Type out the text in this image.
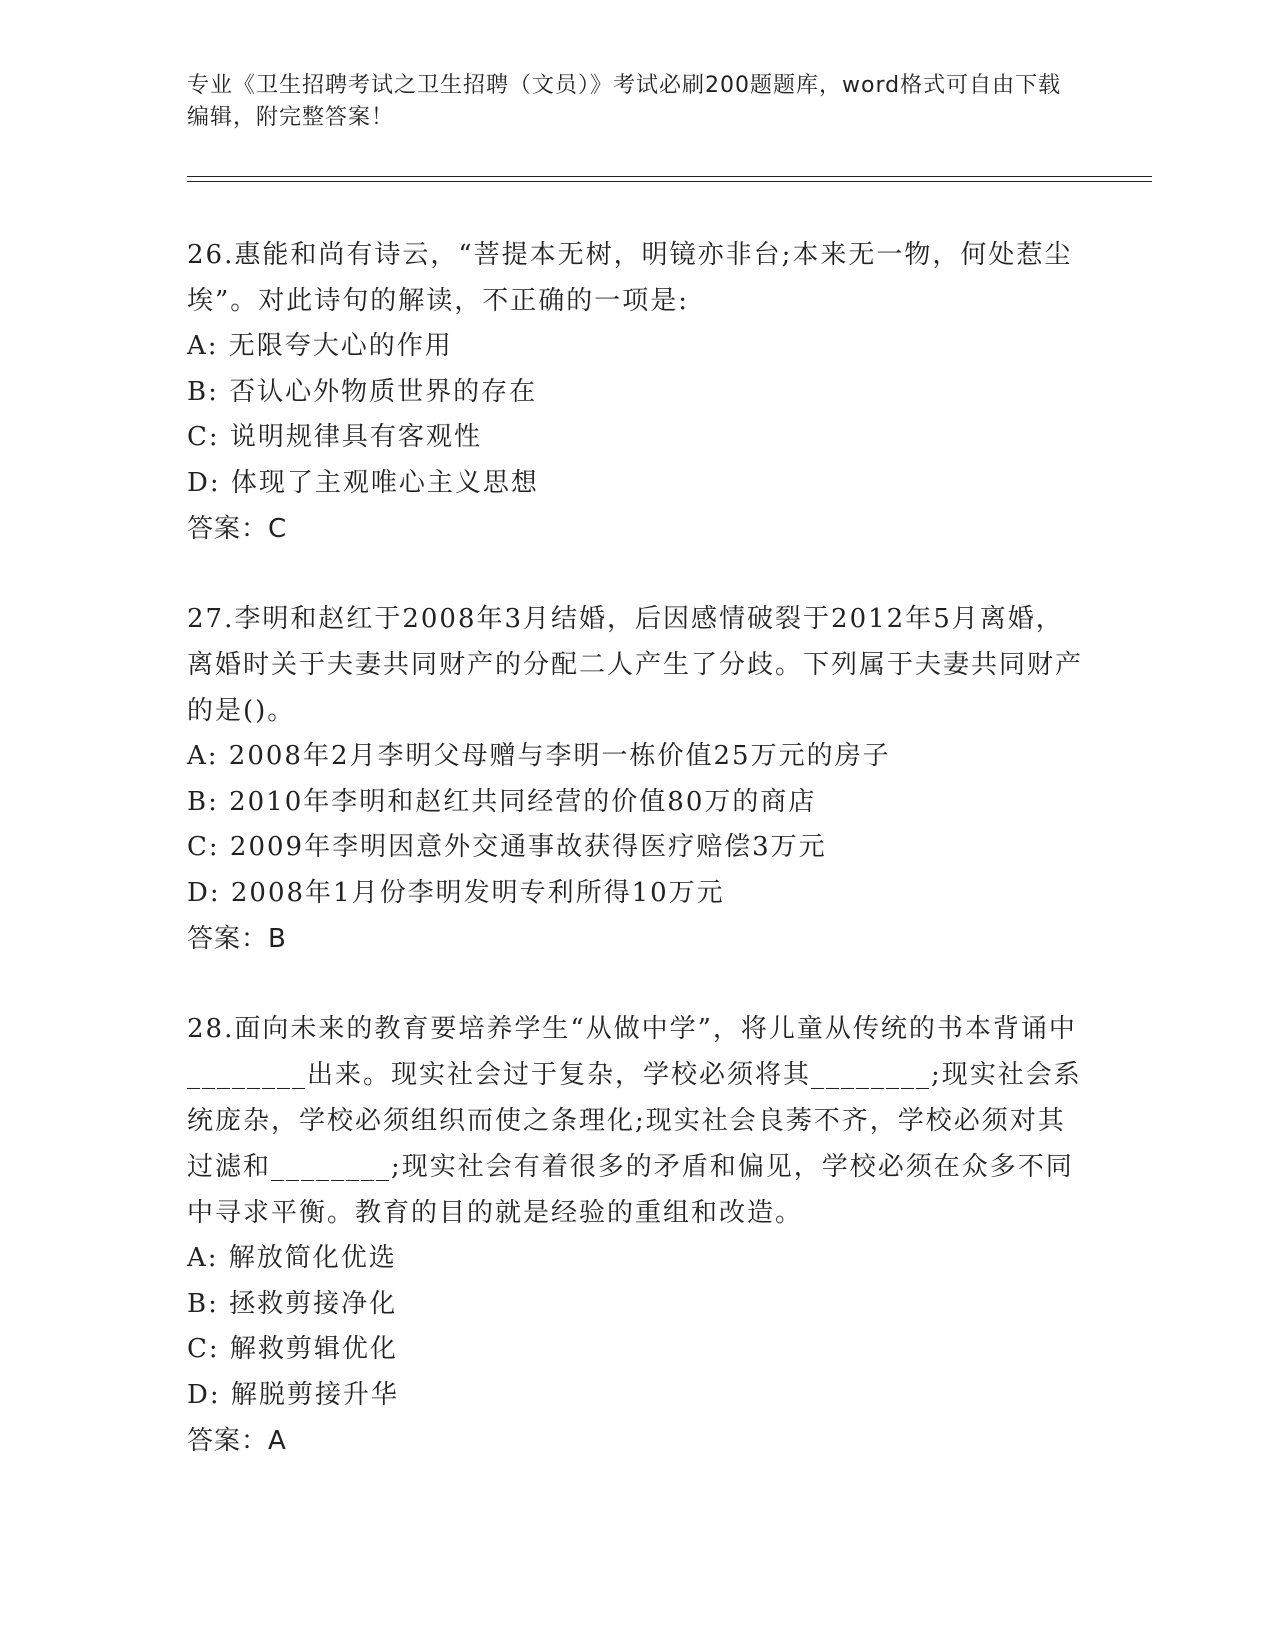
专业《卫生招聘考试之卫生招聘（文员）》考试必刷200题题库，word格式可自由下载编辑，附完整答案！
26.惠能和尚有诗云，“菩提本无树，明镜亦非台;本来无一物，何处惹尘埃”。对此诗句的解读，不正确的一项是:
A: 无限夸大心的作用
B: 否认心外物质世界的存在
C: 说明规律具有客观性
D: 体现了主观唯心主义思想
答案：C
27.李明和赵红于2008年3月结婚，后因感情破裂于2012年5月离婚，离婚时关于夫妻共同财产的分配二人产生了分歧。下列属于夫妻共同财产的是()。
A: 2008年2月李明父母赠与李明一栋价值25万元的房子
B: 2010年李明和赵红共同经营的价值80万的商店
C: 2009年李明因意外交通事故获得医疗赔偿3万元
D: 2008年1月份李明发明专利所得10万元
答案：B
28.面向未来的教育要培养学生“从做中学”，将儿童从传统的书本背诵中________出来。现实社会过于复杂，学校必须将其________;现实社会系统庞杂，学校必须组织而使之条理化;现实社会良莠不齐，学校必须对其过滤和________;现实社会有着很多的矛盾和偏见，学校必须在众多不同中寻求平衡。教育的目的就是经验的重组和改造。
A: 解放简化优选
B: 拯救剪接净化
C: 解救剪辑优化
D: 解脱剪接升华
答案：A
